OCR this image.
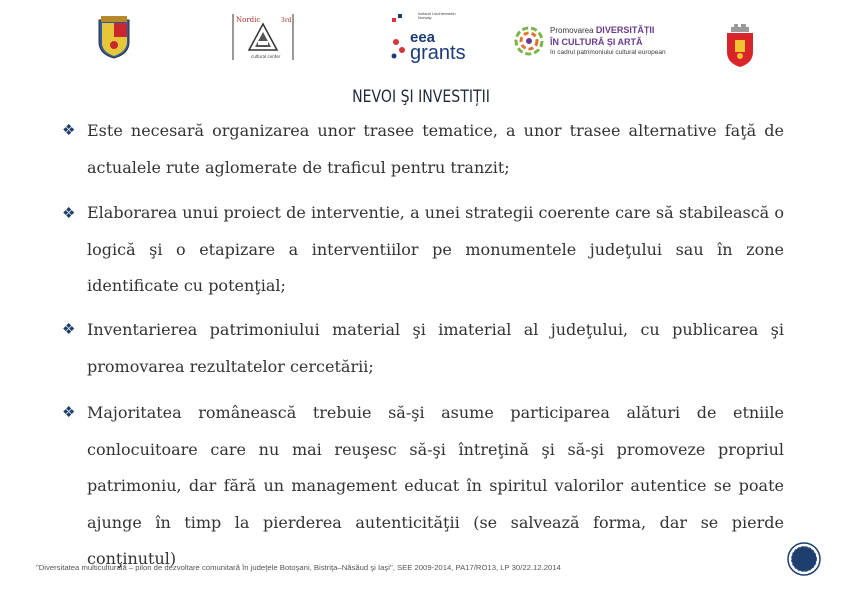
Nordic	3rd
cultural center
Iceland Liechtenstein Norway
eea
grants
Promovarea DIVERSITĂȚII
ÎN CULTURĂ ȘI ARTĂ
în cadrul patrimoniului cultural european
NEVOI ŞI INVESTIȚII
❖ Este necesară organizarea unor trasee tematice, a unor trasee alternative faţă de actualele rute aglomerate de traficul pentru tranzit;
❖ Elaborarea unui proiect de interventie, a unei strategii coerente care să stabilească o logică şi o etapizare a interventiilor pe monumentele judeţului sau în zone identificate cu potenţial;
❖ Inventarierea patrimoniului material şi imaterial al judeţului, cu publicarea şi promovarea rezultatelor cercetării;
❖ Majoritatea românească trebuie să-şi asume participarea alături de etniile conlocuitoare care nu mai reuşesc să-şi întreţină şi să-şi promoveze propriul patrimoniu, dar fără un management educat în spiritul valorilor autentice se poate ajunge în timp la pierderea autenticităţii (se salvează forma, dar se pierde conţinutul)
"Diversitatea multiculturală – pilon de dezvoltare comunitară în judeţele Botoşani, Bistriţa–Năsăud şi Iaşi", SEE 2009-2014, PA17/RO13, LP 30/22.12.2014
